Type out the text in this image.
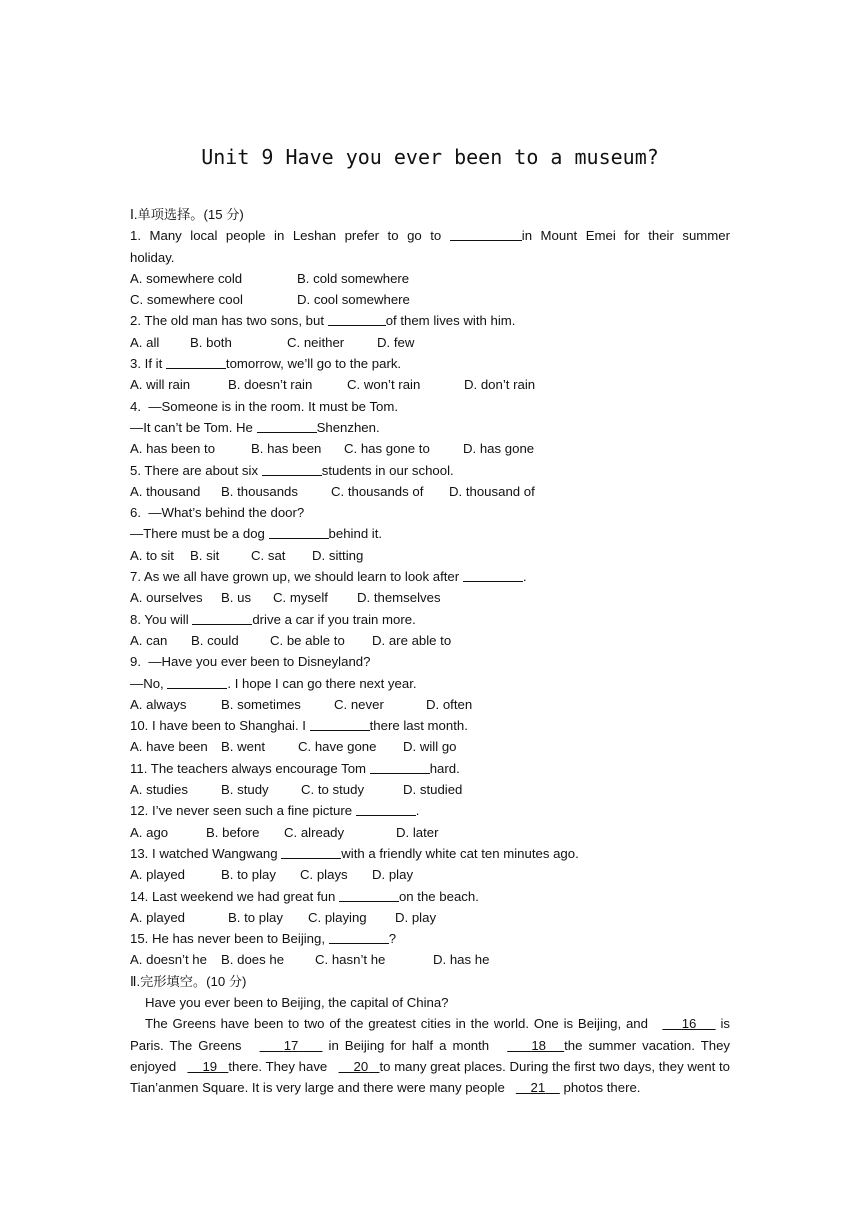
Unit 9 Have you ever been to a museum?
Ⅰ.单项选择。(15 分)
1. Many local people in Leshan prefer to go to	in Mount Emei for their summer
holiday.
A. somewhere cold	B. cold somewhere
C. somewhere cool	D. cool somewhere
2. The old man has two sons, but	of them lives with him.
A. all B. both	C. neither D. few
3. If it	tomorrow, we’ll go to the park.
A. will rain	B. doesn’t rain	C. won’t rain	D. don’t rain
4.  —Someone is in the room. It must be Tom.
—It can’t be Tom. He	Shenzhen.
A. has been to	B. has been C. has gone to	D. has gone
5. There are about six	students in our school.
A. thousand B. thousands	C. thousands of D. thousand of
6.  —What’s behind the door?
—There must be a dog	behind it.
A. to sit B. sit C. sat D. sitting
7. As we all have grown up, we should learn to look after	.
A. ourselves B. us C. myself D. themselves
8. You will	drive a car if you train more.
A. can B. could C. be able to D. are able to
9.  —Have you ever been to Disneyland?
—No,	. I hope I can go there next year.
A. always	B. sometimes	C. never	D. often
10. I have been to Shanghai. I	there last month.
A. have been B. went	C. have gone D. will go
11. The teachers always encourage Tom	hard.
A. studies	B. study C. to study	D. studied
12. I’ve never seen such a fine picture	.
A. ago	B. before C. already	D. later
13. I watched Wangwang	with a friendly white cat ten minutes ago.
A. played	B. to play C. plays D. play
14. Last weekend we had great fun	on the beach.
A. played	B. to play C. playing D. play
15. He has never been to Beijing,	?
A. doesn’t he B. does he C. hasn’t he	D. has he
Ⅱ.完形填空。(10 分)
Have you ever been to Beijing, the capital of China?
The Greens have been to two of the greatest cities in the world. One is Beijing, and	16 is Paris. The Greens	17 in Beijing for half a month	18 the summer vacation. They enjoyed 19 there. They have 20 to many great places. During the first two days, they went to Tian’anmen Square. It is very large and there were many people 21 photos there.
